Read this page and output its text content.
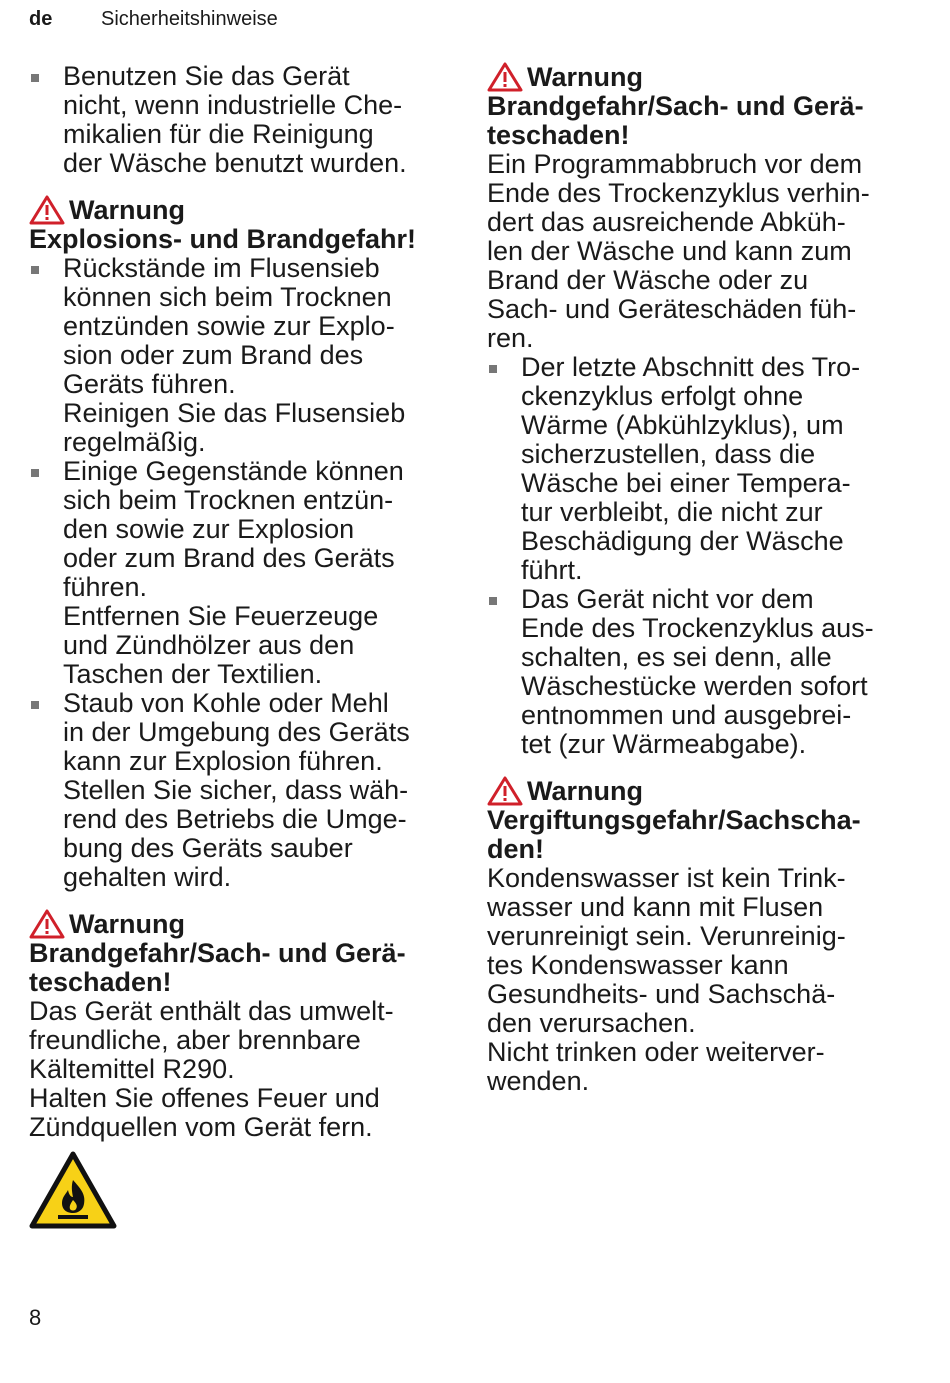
de Sicherheitshinweise
Benutzen Sie das Gerät
nicht, wenn industrielle Che-
mikalien für die Reinigung
der Wäsche benutzt wurden.
Warnung
Explosions- und Brandgefahr!
Rückstände im Flusensieb
können sich beim Trocknen
entzünden sowie zur Explo-
sion oder zum Brand des
Geräts führen.
Reinigen Sie das Flusensieb
regelmäßig.
Einige Gegenstände können
sich beim Trocknen entzün-
den sowie zur Explosion
oder zum Brand des Geräts
führen.
Entfernen Sie Feuerzeuge
und Zündhölzer aus den
Taschen der Textilien.
Staub von Kohle oder Mehl
in der Umgebung des Geräts
kann zur Explosion führen.
Stellen Sie sicher, dass wäh-
rend des Betriebs die Umge-
bung des Geräts sauber
gehalten wird.
Warnung
Brandgefahr/Sach- und Gerä-
teschaden!
Das Gerät enthält das umwelt-
freundliche, aber brennbare
Kältemittel R290.
Halten Sie offenes Feuer und
Zündquellen vom Gerät fern.
Warnung
Brandgefahr/Sach- und Gerä-
teschaden!
Ein Programmabbruch vor dem
Ende des Trockenzyklus verhin-
dert das ausreichende Abküh-
len der Wäsche und kann zum
Brand der Wäsche oder zu
Sach- und Geräteschäden füh-
ren.
Der letzte Abschnitt des Tro-
ckenzyklus erfolgt ohne
Wärme (Abkühlzyklus), um
sicherzustellen, dass die
Wäsche bei einer Tempera-
tur verbleibt, die nicht zur
Beschädigung der Wäsche
führt.
Das Gerät nicht vor dem
Ende des Trockenzyklus aus-
schalten, es sei denn, alle
Wäschestücke werden sofort
entnommen und ausgebrei-
tet (zur Wärmeabgabe).
Warnung
Vergiftungsgefahr/Sachscha-
den!
Kondenswasser ist kein Trink-
wasser und kann mit Flusen
verunreinigt sein. Verunreinig-
tes Kondenswasser kann
Gesundheits- und Sachschä-
den verursachen.
Nicht trinken oder weiterver-
wenden.
8
